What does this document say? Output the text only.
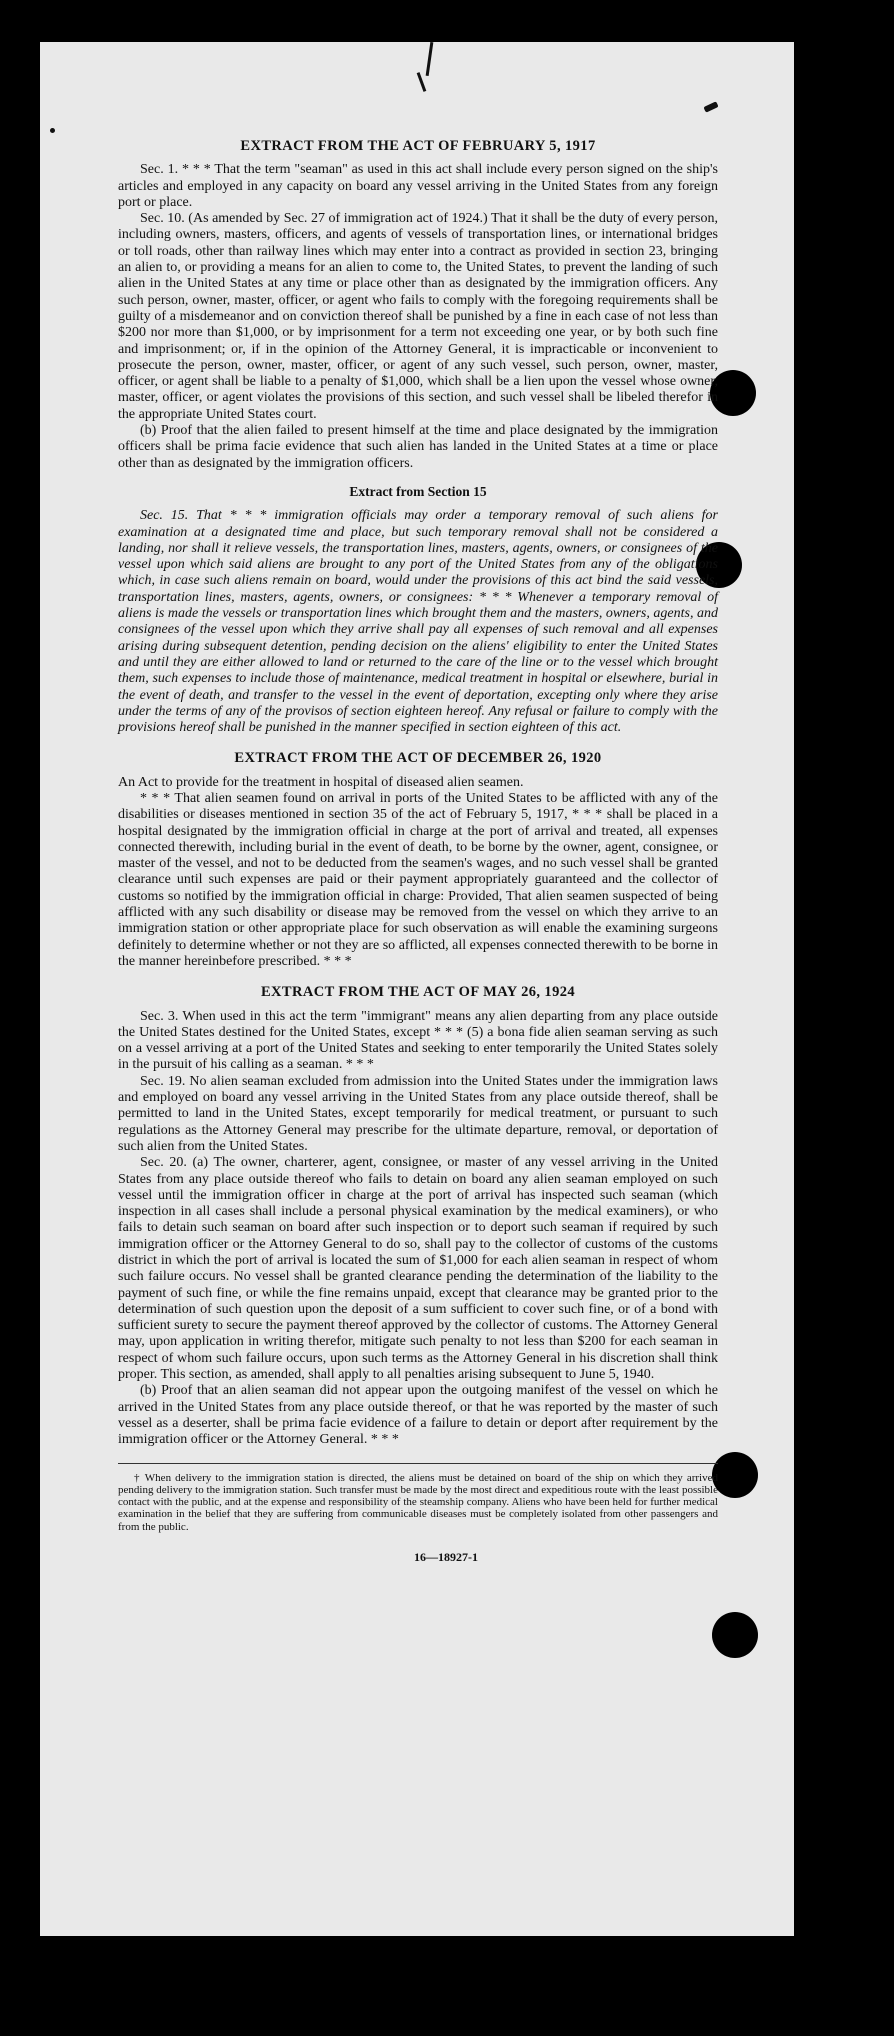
EXTRACT FROM THE ACT OF FEBRUARY 5, 1917

Sec. 1. * * * That the term "seaman" as used in this act shall include every person signed on the ship's articles and employed in any capacity on board any vessel arriving in the United States from any foreign port or place.

Sec. 10. (As amended by Sec. 27 of immigration act of 1924.) That it shall be the duty of every person, including owners, masters, officers, and agents of vessels of transportation lines, or international bridges or toll roads, other than railway lines which may enter into a contract as provided in section 23, bringing an alien to, or providing a means for an alien to come to, the United States, to prevent the landing of such alien in the United States at any time or place other than as designated by the immigration officers. Any such person, owner, master, officer, or agent who fails to comply with the foregoing requirements shall be guilty of a misdemeanor and on conviction thereof shall be punished by a fine in each case of not less than $200 nor more than $1,000, or by imprisonment for a term not exceeding one year, or by both such fine and imprisonment; or, if in the opinion of the Attorney General, it is impracticable or inconvenient to prosecute the person, owner, master, officer, or agent of any such vessel, such person, owner, master, officer, or agent shall be liable to a penalty of $1,000, which shall be a lien upon the vessel whose owner, master, officer, or agent violates the provisions of this section, and such vessel shall be libeled therefor in the appropriate United States court.

(b) Proof that the alien failed to present himself at the time and place designated by the immigration officers shall be prima facie evidence that such alien has landed in the United States at a time or place other than as designated by the immigration officers.

Extract from Section 15

Sec. 15. That * * * immigration officials may order a temporary removal of such aliens for examination at a designated time and place, but such temporary removal shall not be considered a landing, nor shall it relieve vessels, the transportation lines, masters, agents, owners, or consignees of the vessel upon which said aliens are brought to any port of the United States from any of the obligations which, in case such aliens remain on board, would under the provisions of this act bind the said vessels, transportation lines, masters, agents, owners, or consignees: * * * Whenever a temporary removal of aliens is made the vessels or transportation lines which brought them and the masters, owners, agents, and consignees of the vessel upon which they arrive shall pay all expenses of such removal and all expenses arising during subsequent detention, pending decision on the aliens' eligibility to enter the United States and until they are either allowed to land or returned to the care of the line or to the vessel which brought them, such expenses to include those of maintenance, medical treatment in hospital or elsewhere, burial in the event of death, and transfer to the vessel in the event of deportation, excepting only where they arise under the terms of any of the provisos of section eighteen hereof. Any refusal or failure to comply with the provisions hereof shall be punished in the manner specified in section eighteen of this act.

EXTRACT FROM THE ACT OF DECEMBER 26, 1920

An Act to provide for the treatment in hospital of diseased alien seamen.

* * * That alien seamen found on arrival in ports of the United States to be afflicted with any of the disabilities or diseases mentioned in section 35 of the act of February 5, 1917, * * * shall be placed in a hospital designated by the immigration official in charge at the port of arrival and treated, all expenses connected therewith, including burial in the event of death, to be borne by the owner, agent, consignee, or master of the vessel, and not to be deducted from the seamen's wages, and no such vessel shall be granted clearance until such expenses are paid or their payment appropriately guaranteed and the collector of customs so notified by the immigration official in charge: Provided, That alien seamen suspected of being afflicted with any such disability or disease may be removed from the vessel on which they arrive to an immigration station or other appropriate place for such observation as will enable the examining surgeons definitely to determine whether or not they are so afflicted, all expenses connected therewith to be borne in the manner hereinbefore prescribed. * * *

EXTRACT FROM THE ACT OF MAY 26, 1924

Sec. 3. When used in this act the term "immigrant" means any alien departing from any place outside the United States destined for the United States, except * * * (5) a bona fide alien seaman serving as such on a vessel arriving at a port of the United States and seeking to enter temporarily the United States solely in the pursuit of his calling as a seaman. * * *

Sec. 19. No alien seaman excluded from admission into the United States under the immigration laws and employed on board any vessel arriving in the United States from any place outside thereof, shall be permitted to land in the United States, except temporarily for medical treatment, or pursuant to such regulations as the Attorney General may prescribe for the ultimate departure, removal, or deportation of such alien from the United States.

Sec. 20. (a) The owner, charterer, agent, consignee, or master of any vessel arriving in the United States from any place outside thereof who fails to detain on board any alien seaman employed on such vessel until the immigration officer in charge at the port of arrival has inspected such seaman (which inspection in all cases shall include a personal physical examination by the medical examiners), or who fails to detain such seaman on board after such inspection or to deport such seaman if required by such immigration officer or the Attorney General to do so, shall pay to the collector of customs of the customs district in which the port of arrival is located the sum of $1,000 for each alien seaman in respect of whom such failure occurs. No vessel shall be granted clearance pending the determination of the liability to the payment of such fine, or while the fine remains unpaid, except that clearance may be granted prior to the determination of such question upon the deposit of a sum sufficient to cover such fine, or of a bond with sufficient surety to secure the payment thereof approved by the collector of customs. The Attorney General may, upon application in writing therefor, mitigate such penalty to not less than $200 for each seaman in respect of whom such failure occurs, upon such terms as the Attorney General in his discretion shall think proper. This section, as amended, shall apply to all penalties arising subsequent to June 5, 1940.

(b) Proof that an alien seaman did not appear upon the outgoing manifest of the vessel on which he arrived in the United States from any place outside thereof, or that he was reported by the master of such vessel as a deserter, shall be prima facie evidence of a failure to detain or deport after requirement by the immigration officer or the Attorney General. * * *

† When delivery to the immigration station is directed, the aliens must be detained on board of the ship on which they arrived pending delivery to the immigration station. Such transfer must be made by the most direct and expeditious route with the least possible contact with the public, and at the expense and responsibility of the steamship company. Aliens who have been held for further medical examination in the belief that they are suffering from communicable diseases must be completely isolated from other passengers and from the public.

16—18927-1
